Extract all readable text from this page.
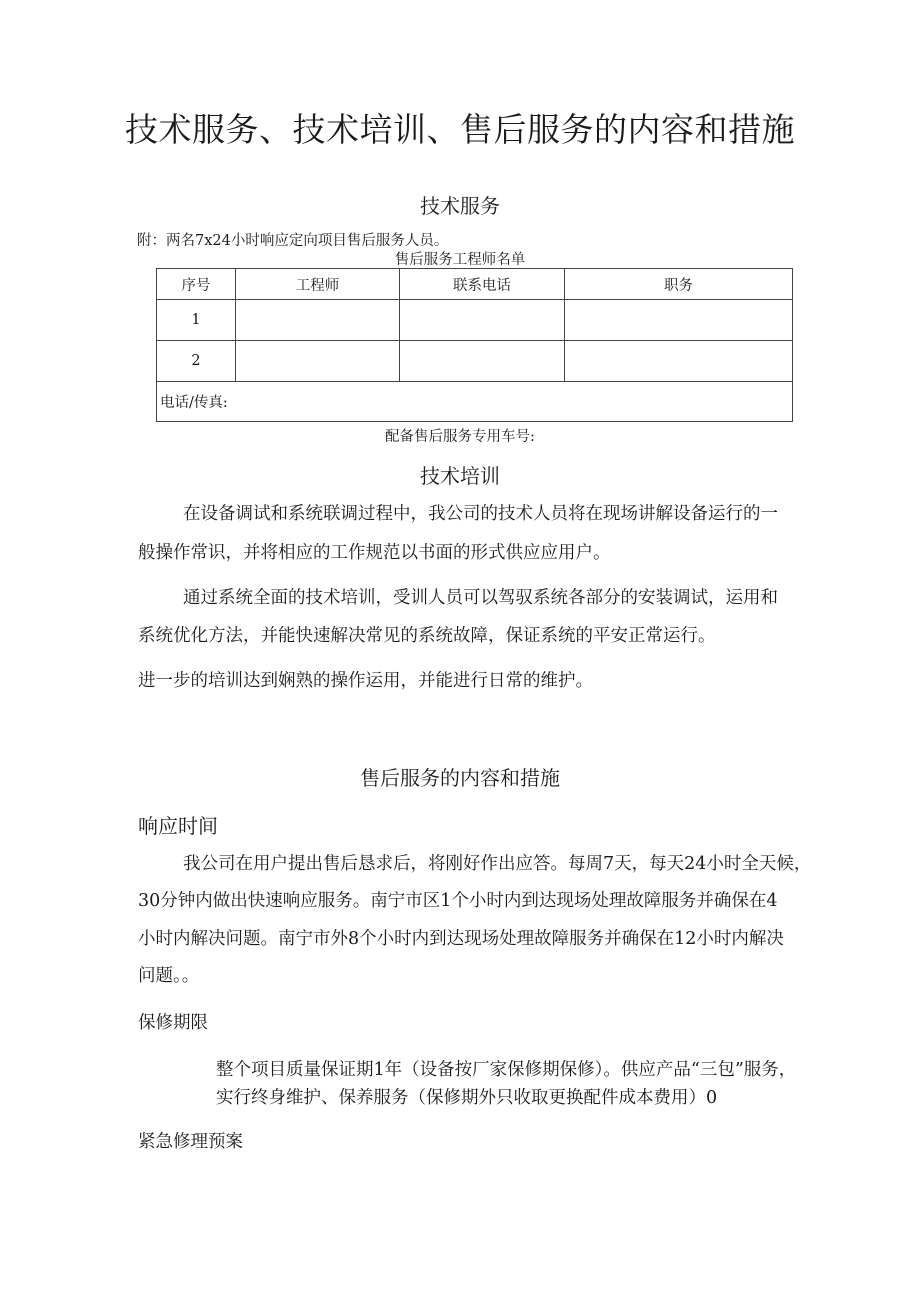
技术服务、技术培训、售后服务的内容和措施
技术服务
附：两名7x24小时响应定向项目售后服务人员。
售后服务工程师名单
序号	工程师	联系电话	职务
1			
2			
电话/传真:			
配备售后服务专用车号:
技术培训
在设备调试和系统联调过程中，我公司的技术人员将在现场讲解设备运行的一
般操作常识，并将相应的工作规范以书面的形式供应应用户。
通过系统全面的技术培训，受训人员可以驾驭系统各部分的安装调试，运用和
系统优化方法，并能快速解决常见的系统故障，保证系统的平安正常运行。
进一步的培训达到娴熟的操作运用，并能进行日常的维护。
售后服务的内容和措施
响应时间
我公司在用户提出售后恳求后，将刚好作出应答。每周7天，每天24小时全天候，
30分钟内做出快速响应服务。南宁市区1个小时内到达现场处理故障服务并确保在4
小时内解决问题。南宁市外8个小时内到达现场处理故障服务并确保在12小时内解决
问题。。
保修期限
整个项目质量保证期1年（设备按厂家保修期保修）。供应产品“三包”服务，
实行终身维护、保养服务（保修期外只收取更换配件成本费用）0
紧急修理预案
